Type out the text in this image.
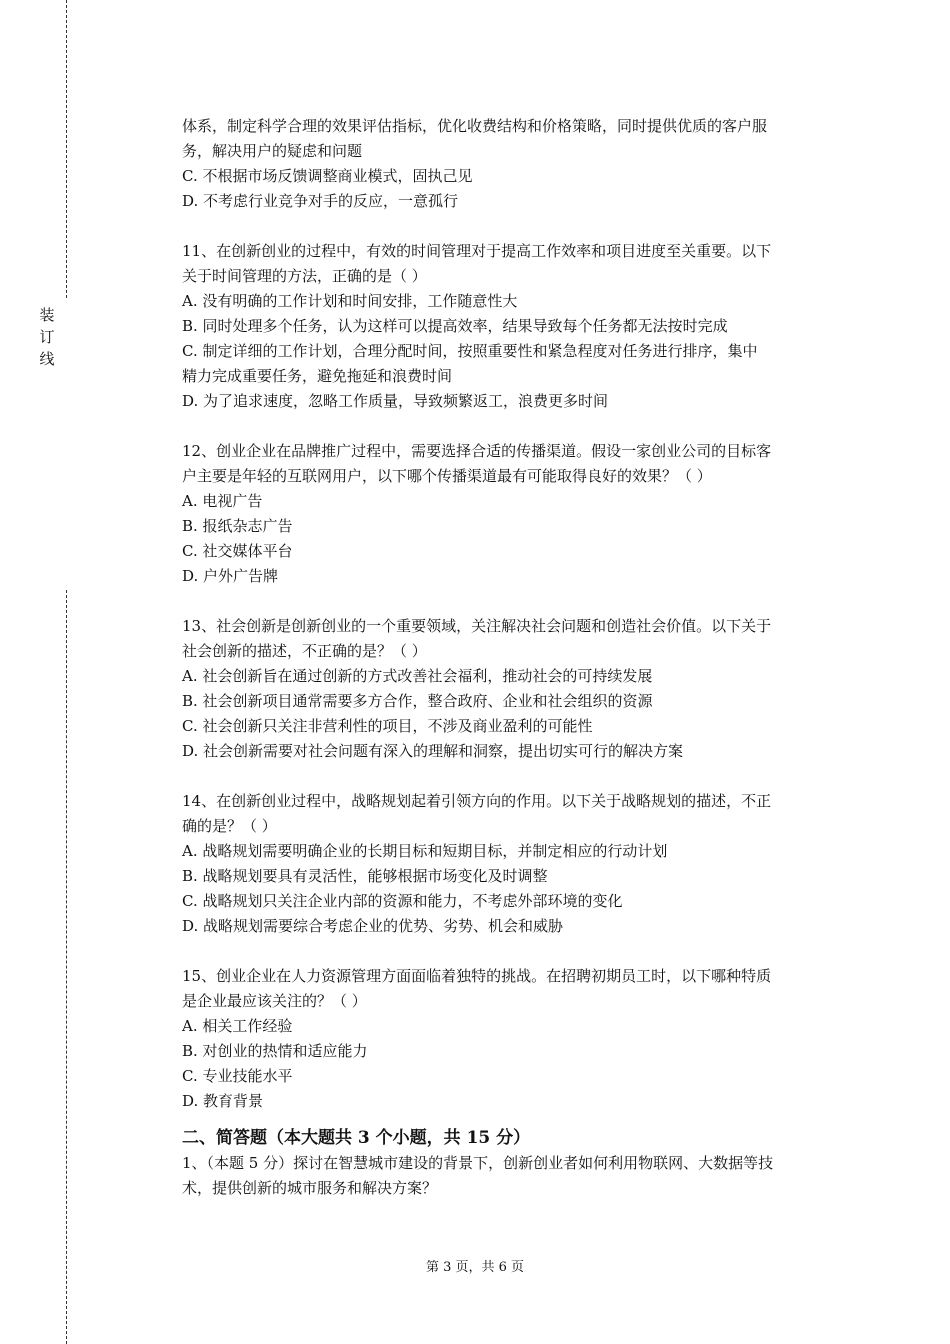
装
订
线
体系，制定科学合理的效果评估指标，优化收费结构和价格策略，同时提供优质的客户服
务，解决用户的疑虑和问题
C. 不根据市场反馈调整商业模式，固执己见
D. 不考虑行业竞争对手的反应，一意孤行
11、在创新创业的过程中，有效的时间管理对于提高工作效率和项目进度至关重要。以下
关于时间管理的方法，正确的是（ ）
A. 没有明确的工作计划和时间安排，工作随意性大
B. 同时处理多个任务，认为这样可以提高效率，结果导致每个任务都无法按时完成
C. 制定详细的工作计划，合理分配时间，按照重要性和紧急程度对任务进行排序，集中
精力完成重要任务，避免拖延和浪费时间
D. 为了追求速度，忽略工作质量，导致频繁返工，浪费更多时间
12、创业企业在品牌推广过程中，需要选择合适的传播渠道。假设一家创业公司的目标客
户主要是年轻的互联网用户，以下哪个传播渠道最有可能取得良好的效果？（ ）
A. 电视广告
B. 报纸杂志广告
C. 社交媒体平台
D. 户外广告牌
13、社会创新是创新创业的一个重要领域，关注解决社会问题和创造社会价值。以下关于
社会创新的描述，不正确的是？（ ）
A. 社会创新旨在通过创新的方式改善社会福利，推动社会的可持续发展
B. 社会创新项目通常需要多方合作，整合政府、企业和社会组织的资源
C. 社会创新只关注非营利性的项目，不涉及商业盈利的可能性
D. 社会创新需要对社会问题有深入的理解和洞察，提出切实可行的解决方案
14、在创新创业过程中，战略规划起着引领方向的作用。以下关于战略规划的描述，不正
确的是？（ ）
A. 战略规划需要明确企业的长期目标和短期目标，并制定相应的行动计划
B. 战略规划要具有灵活性，能够根据市场变化及时调整
C. 战略规划只关注企业内部的资源和能力，不考虑外部环境的变化
D. 战略规划需要综合考虑企业的优势、劣势、机会和威胁
15、创业企业在人力资源管理方面面临着独特的挑战。在招聘初期员工时，以下哪种特质
是企业最应该关注的？（ ）
A. 相关工作经验
B. 对创业的热情和适应能力
C. 专业技能水平
D. 教育背景
二、简答题（本大题共 3 个小题，共 15 分）
1、（本题 5 分）探讨在智慧城市建设的背景下，创新创业者如何利用物联网、大数据等技
术，提供创新的城市服务和解决方案？
第 3 页，共 6 页
